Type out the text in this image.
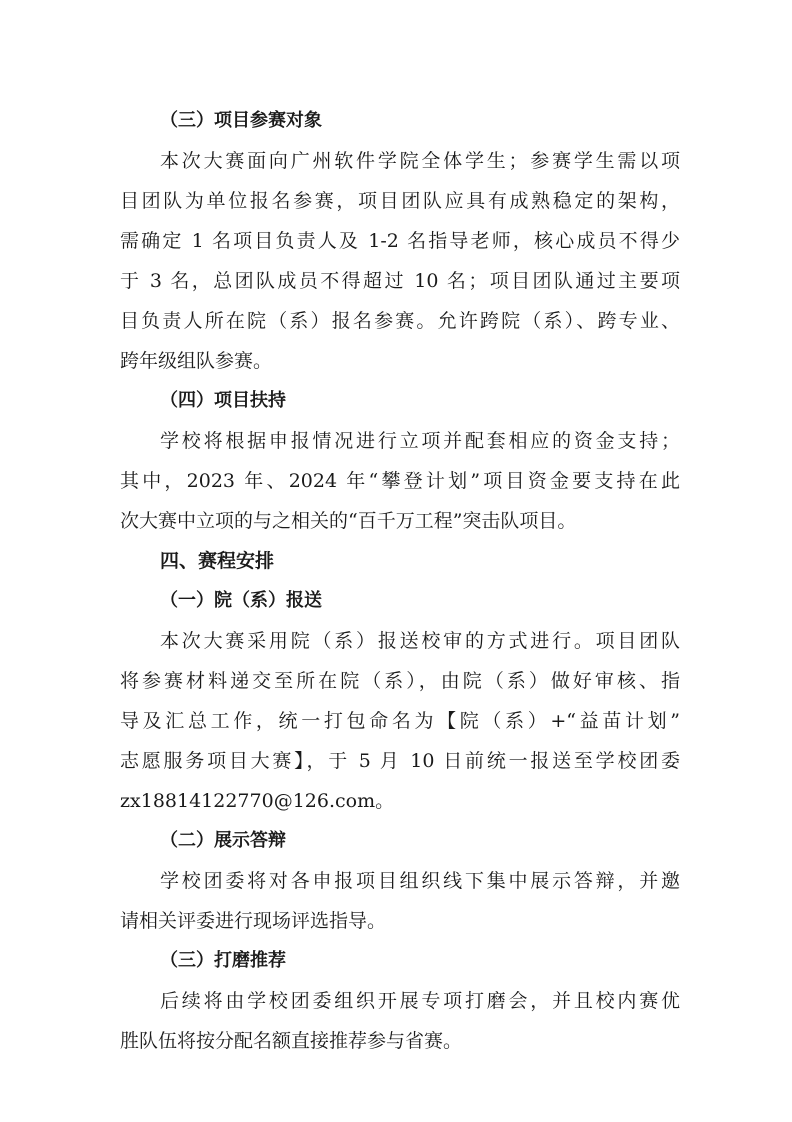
（三）项目参赛对象
本次大赛面向广州软件学院全体学生；参赛学生需以项
目团队为单位报名参赛，项目团队应具有成熟稳定的架构，
需确定 1 名项目负责人及 1-2 名指导老师，核心成员不得少
于 3 名，总团队成员不得超过 10 名；项目团队通过主要项
目负责人所在院（系）报名参赛。允许跨院（系）、跨专业、
跨年级组队参赛。
（四）项目扶持
学校将根据申报情况进行立项并配套相应的资金支持；
其中，2023 年、2024 年“攀登计划”项目资金要支持在此
次大赛中立项的与之相关的“百千万工程”突击队项目。
四、赛程安排
（一）院（系）报送
本次大赛采用院（系）报送校审的方式进行。项目团队
将参赛材料递交至所在院（系），由院（系）做好审核、指
导及汇总工作，统一打包命名为【院（系）+“益苗计划”
志愿服务项目大赛】，于 5 月 10 日前统一报送至学校团委
zx18814122770@126.com。
（二）展示答辩
学校团委将对各申报项目组织线下集中展示答辩，并邀
请相关评委进行现场评选指导。
（三）打磨推荐
后续将由学校团委组织开展专项打磨会，并且校内赛优
胜队伍将按分配名额直接推荐参与省赛。
